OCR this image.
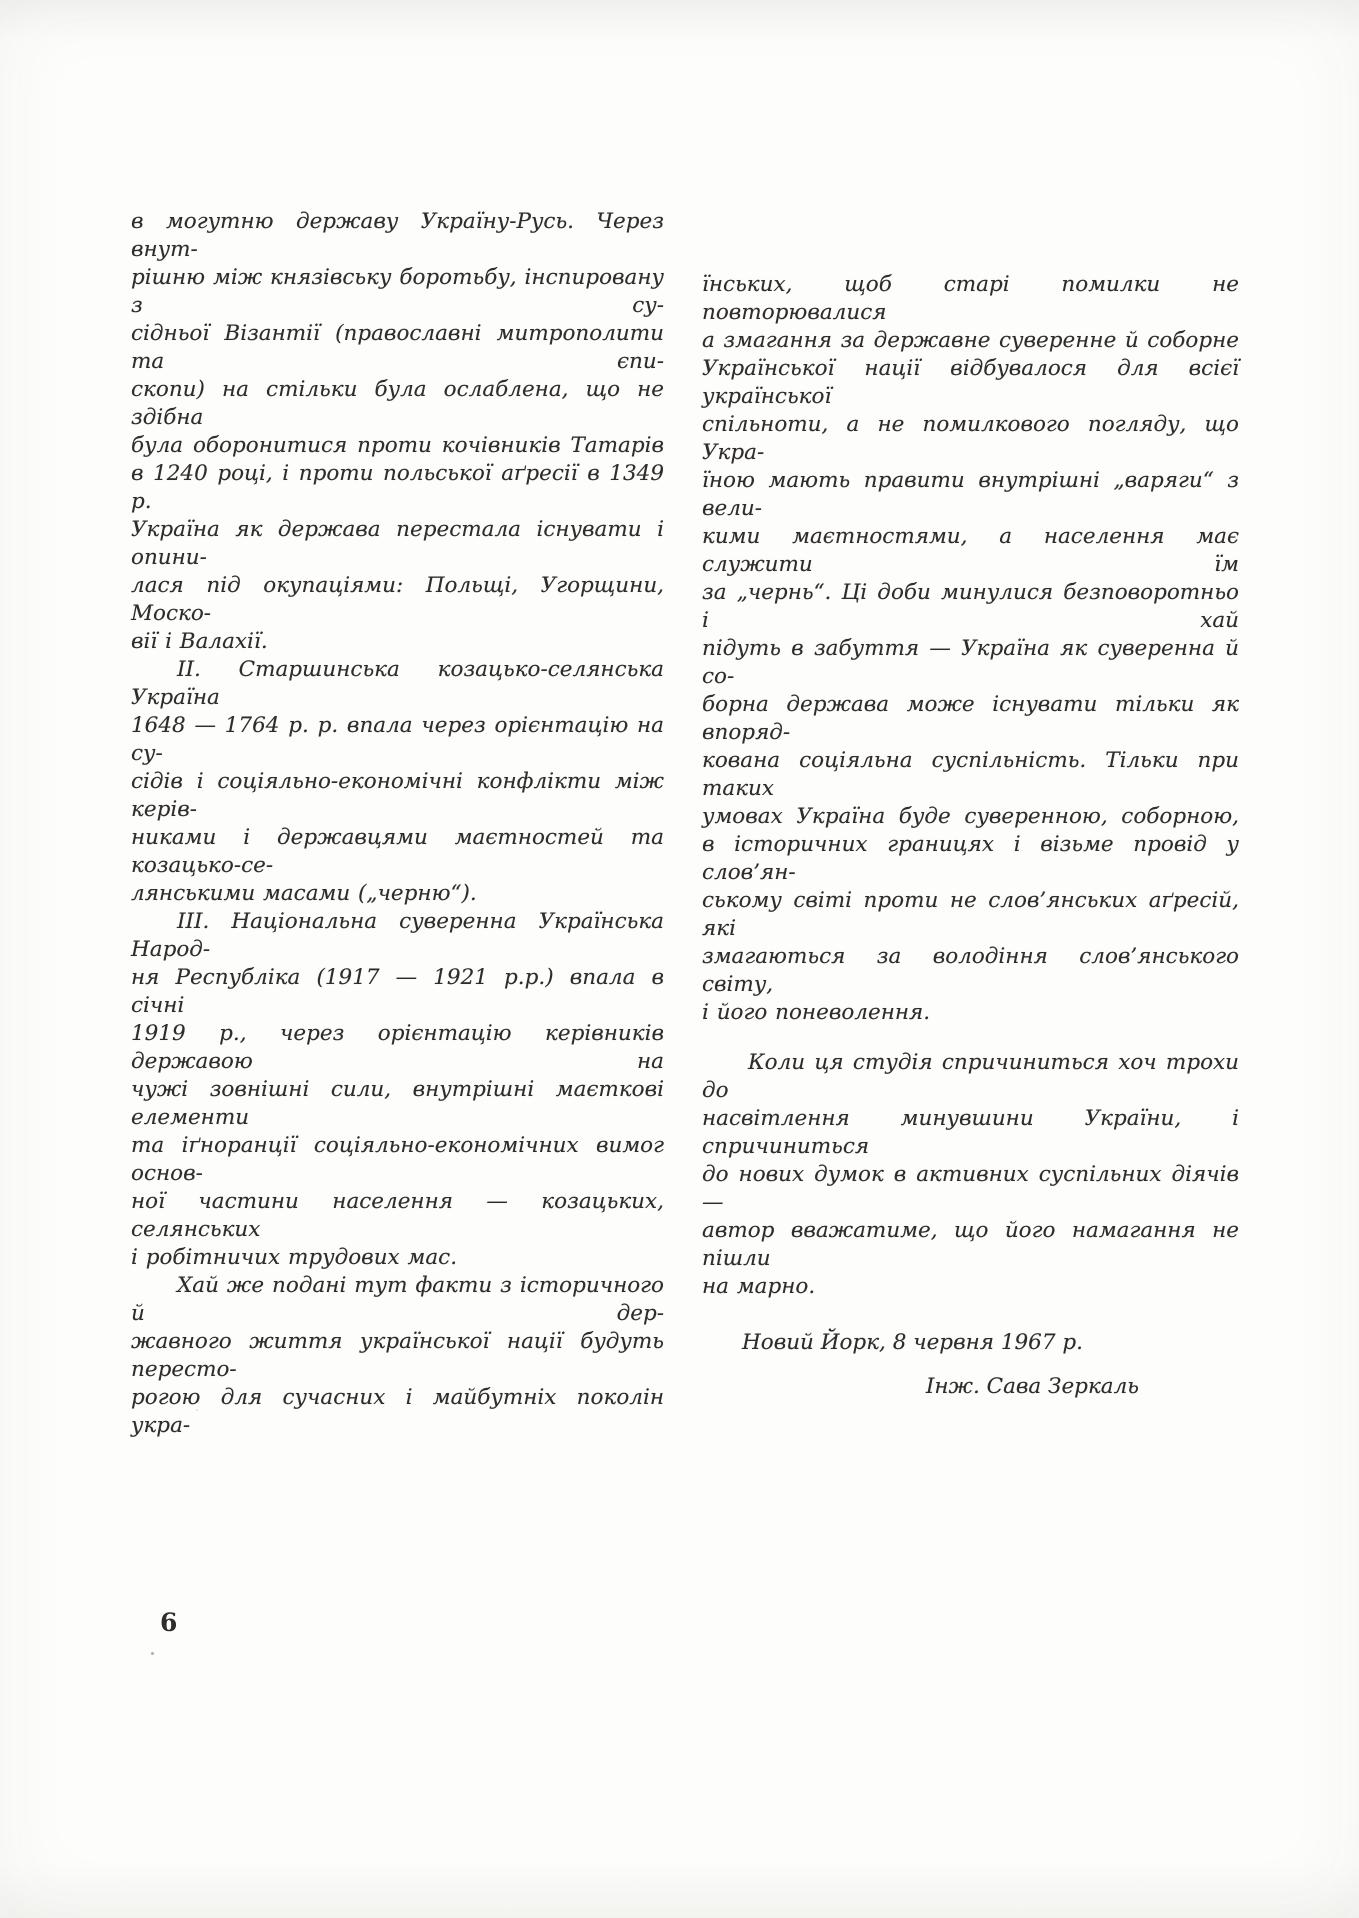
в могутню державу Україну-Русь. Через внут-
рішню між князівську боротьбу, інспировану з су-
сідньої Візантії (православні митрополити та єпи-
скопи) на стільки була ослаблена, що не здібна
була оборонитися проти кочівників Татарів
в 1240 році, і проти польської аґресії в 1349 р.
Україна як держава перестала існувати і опини-
лася під окупаціями: Польщі, Угорщини, Моско-
вії і Валахії.

II. Старшинська козацько-селянська Україна
1648 — 1764 р. р. впала через орієнтацію на су-
сідів і соціяльно-економічні конфлікти між керів-
никами і державцями маєтностей та козацько-се-
лянськими масами („черню“).

III. Національна суверенна Українська Народ-
ня Республіка (1917 — 1921 р.р.) впала в січні
1919 р., через орієнтацію керівників державою на
чужі зовнішні сили, внутрішні маєткові елементи
та іґноранції соціяльно-економічних вимог основ-
ної частини населення — козацьких, селянських
і робітничих трудових мас.

Хай же подані тут факти з історичного й дер-
жавного життя української нації будуть пересто-
рогою для сучасних і майбутніх поколін укра-

їнських, щоб старі помилки не повторювалися
а змагання за державне суверенне й соборне
Української нації відбувалося для всієї української
спільноти, а не помилкового погляду, що Укра-
їною мають правити внутрішні „варяги“ з вели-
кими маєтностями, а населення має служити їм
за „чернь“. Ці доби минулися безповоротньо і хай
підуть в забуття — Україна як суверенна й со-
борна держава може існувати тільки як впоряд-
кована соціяльна суспільність. Тільки при таких
умовах Україна буде суверенною, соборною,
в історичних границях і візьме провід у слов’ян-
ському світі проти не слов’янських аґресій, які
змагаються за володіння слов’янського світу,
і його поневолення.

Коли ця студія спричиниться хоч трохи до
насвітлення минувшини України, і спричиниться
до нових думок в активних суспільних діячів —
автор вважатиме, що його намагання не пішли
на марно.

Новий Йорк, 8 червня 1967 р.

Інж. Сава Зеркаль

6
